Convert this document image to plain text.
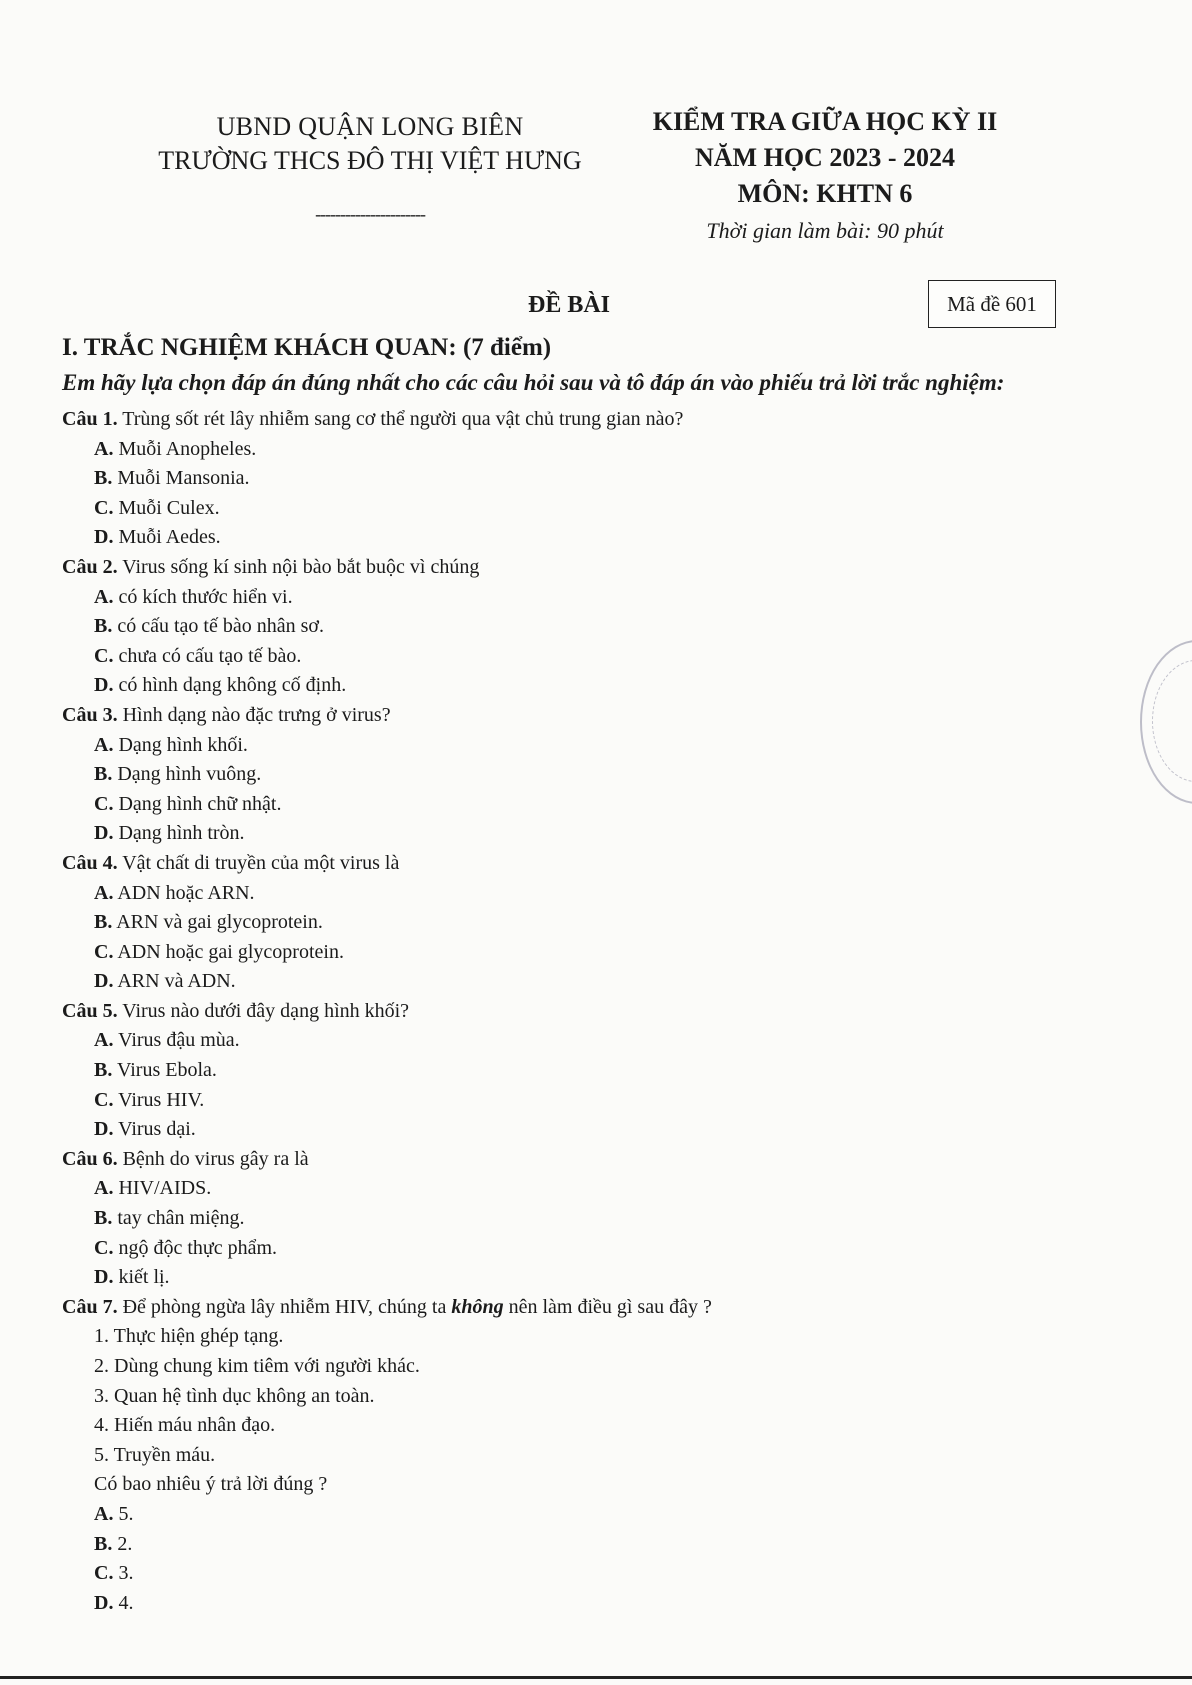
UBND QUẬN LONG BIÊN
TRƯỜNG THCS ĐÔ THỊ VIỆT HƯNG
----------------------
KIỂM TRA GIỮA HỌC KỲ II
NĂM HỌC 2023 - 2024
MÔN: KHTN 6
Thời gian làm bài: 90 phút
ĐỀ BÀI	Mã đề 601
I. TRẮC NGHIỆM KHÁCH QUAN: (7 điểm)
Em hãy lựa chọn đáp án đúng nhất cho các câu hỏi sau và tô đáp án vào phiếu trả lời trắc nghiệm:
Câu 1. Trùng sốt rét lây nhiễm sang cơ thể người qua vật chủ trung gian nào?
A. Muỗi Anopheles.
B. Muỗi Mansonia.
C. Muỗi Culex.
D. Muỗi Aedes.
Câu 2. Virus sống kí sinh nội bào bắt buộc vì chúng
A. có kích thước hiển vi.
B. có cấu tạo tế bào nhân sơ.
C. chưa có cấu tạo tế bào.
D. có hình dạng không cố định.
Câu 3. Hình dạng nào đặc trưng ở virus?
A. Dạng hình khối.
B. Dạng hình vuông.
C. Dạng hình chữ nhật.
D. Dạng hình tròn.
Câu 4. Vật chất di truyền của một virus là
A. ADN hoặc ARN.
B. ARN và gai glycoprotein.
C. ADN hoặc gai glycoprotein.
D. ARN và ADN.
Câu 5. Virus nào dưới đây dạng hình khối?
A. Virus đậu mùa.
B. Virus Ebola.
C. Virus HIV.
D. Virus dại.
Câu 6. Bệnh do virus gây ra là
A. HIV/AIDS.
B. tay chân miệng.
C. ngộ độc thực phẩm.
D. kiết lị.
Câu 7. Để phòng ngừa lây nhiễm HIV, chúng ta không nên làm điều gì sau đây ?
1. Thực hiện ghép tạng.
2. Dùng chung kim tiêm với người khác.
3. Quan hệ tình dục không an toàn.
4. Hiến máu nhân đạo.
5. Truyền máu.
Có bao nhiêu ý trả lời đúng ?
A. 5.
B. 2.
C. 3.
D. 4.
